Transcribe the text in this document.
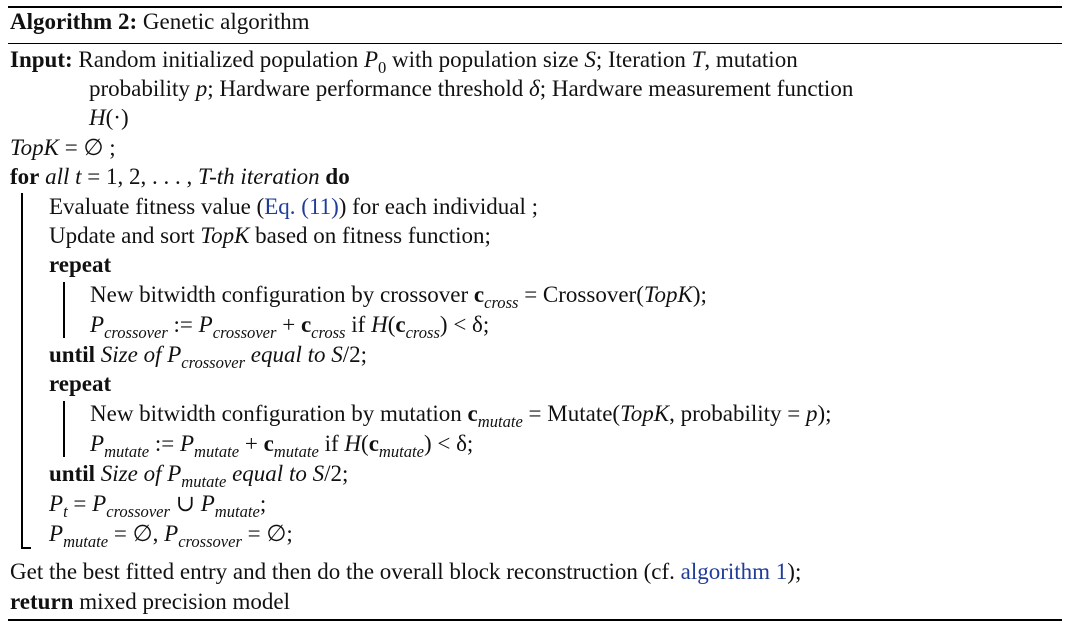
Algorithm 2: Genetic algorithm
Input: Random initialized population $P_0$ with population size S; Iteration T, mutation
probability p; Hardware performance threshold δ; Hardware measurement function
H(·)
TopK = ∅ ;
for all t = 1, 2, . . . , T-th iteration do
Evaluate fitness value (Eq. (11)) for each individual ;
Update and sort TopK based on fitness function;
repeat
New bitwidth configuration by crossover $c_{cross}$ = Crossover(TopK);
$P_{crossover}$ := $P_{crossover} + c_{cross}$ if $H(c_{cross}) < \delta$;
until Size of $P_{crossover}$ equal to S/2;
repeat
New bitwidth configuration by mutation $c_{mutate}$ = Mutate(TopK, probability = p);
$P_{mutate}$ := $P_{mutate} + c_{mutate}$ if $H(c_{mutate}) < \delta$;
until Size of $P_{mutate}$ equal to S/2;
$P_t = P_{crossover}$ ∪ $P_{mutate}$;
$P_{mutate}$ = ∅, $P_{crossover}$ = ∅;
Get the best fitted entry and then do the overall block reconstruction (cf. algorithm 1);
return mixed precision model
